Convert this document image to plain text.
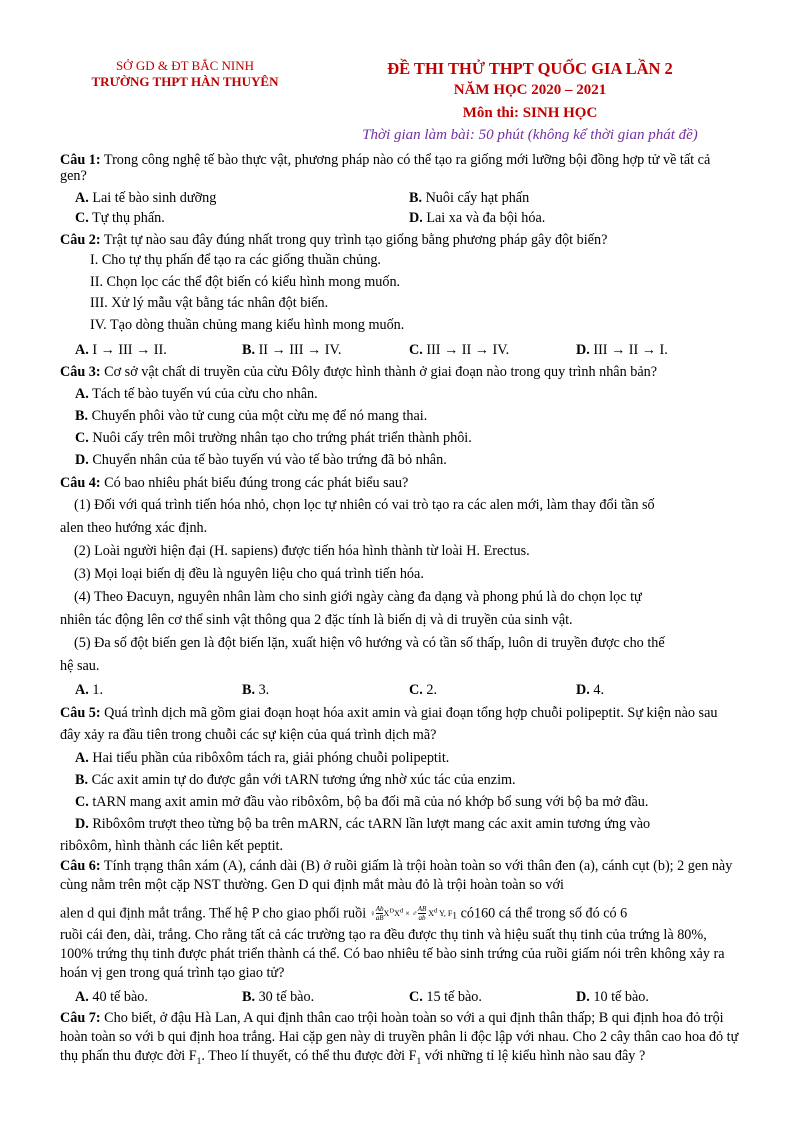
SỞ GD & ĐT BẮC NINH
TRƯỜNG THPT HÀN THUYÊN
ĐỀ THI THỬ THPT QUỐC GIA LẦN 2
NĂM HỌC 2020 – 2021
Môn thi: SINH HỌC
Thời gian làm bài: 50 phút (không kể thời gian phát đề)
Câu 1: Trong công nghệ tế bào thực vật, phương pháp nào có thể tạo ra giống mới lưỡng bội đồng hợp tử về tất cả gen?
A. Lai tế bào sinh dưỡng	B. Nuôi cấy hạt phấn
C. Tự thụ phấn.	D. Lai xa và đa bội hóa.
Câu 2: Trật tự nào sau đây đúng nhất trong quy trình tạo giống bằng phương pháp gây đột biến?
I. Cho tự thụ phấn để tạo ra các giống thuần chủng.
II. Chọn lọc các thể đột biến có kiểu hình mong muốn.
III. Xử lý mẫu vật bằng tác nhân đột biến.
IV. Tạo dòng thuần chủng mang kiểu hình mong muốn.
A. I → III → II.	B. II → III → IV.	C. III → II → IV.	D. III → II → I.
Câu 3: Cơ sở vật chất di truyền của cừu Đôly được hình thành ở giai đoạn nào trong quy trình nhân bản?
A. Tách tế bào tuyến vú của cừu cho nhân.
B. Chuyển phôi vào tử cung của một cừu mẹ để nó mang thai.
C. Nuôi cấy trên môi trường nhân tạo cho trứng phát triển thành phôi.
D. Chuyển nhân của tế bào tuyến vú vào tế bào trứng đã bỏ nhân.
Câu 4: Có bao nhiêu phát biểu đúng trong các phát biểu sau?
(1) Đối với quá trình tiến hóa nhỏ, chọn lọc tự nhiên có vai trò tạo ra các alen mới, làm thay đổi tần số
alen theo hướng xác định.
(2) Loài người hiện đại (H. sapiens) được tiến hóa hình thành từ loài H. Erectus.
(3) Mọi loại biến dị đều là nguyên liệu cho quá trình tiến hóa.
(4) Theo Đacuyn, nguyên nhân làm cho sinh giới ngày càng đa dạng và phong phú là do chọn lọc tự
nhiên tác động lên cơ thể sinh vật thông qua 2 đặc tính là biến dị và di truyền của sinh vật.
(5) Đa số đột biến gen là đột biến lặn, xuất hiện vô hướng và có tần số thấp, luôn di truyền được cho thế
hệ sau.
A. 1.	B. 3.	C. 2.	D. 4.
Câu 5: Quá trình dịch mã gồm giai đoạn hoạt hóa axit amin và giai đoạn tổng hợp chuỗi polipeptit. Sự kiện nào sau đây xảy ra đầu tiên trong chuỗi các sự kiện của quá trình dịch mã?
A. Hai tiểu phần của ribôxôm tách ra, giải phóng chuỗi polipeptit.
B. Các axit amin tự do được gắn với tARN tương ứng nhờ xúc tác của enzim.
C. tARN mang axit amin mở đầu vào ribôxôm, bộ ba đối mã của nó khớp bổ sung với bộ ba mở đầu.
D. Ribôxôm trượt theo từng bộ ba trên mARN, các tARN lần lượt mang các axit amin tương ứng vào
ribôxôm, hình thành các liên kết peptit.
Câu 6: Tính trạng thân xám (A), cánh dài (B) ở ruồi giấm là trội hoàn toàn so với thân đen (a), cánh cụt (b); 2 gen này cùng nằm trên một cặp NST thường. Gen D qui định mắt màu đỏ là trội hoàn toàn so với
alen d qui định mắt trắng. Thế hệ P cho giao phối ruồi ♀ $\frac{Ab}{aB} X^DX^d$ × ♂ $\frac{AB}{ab} X^d$ Y, $F_1$ có160 cá thể trong số đó có 6
ruồi cái đen, dài, trắng. Cho rằng tất cả các trường tạo ra đều được thụ tinh và hiệu suất thụ tinh của trứng là 80%, 100% trứng thụ tinh được phát triển thành cá thể. Có bao nhiêu tế bào sinh trứng của ruồi giấm nói trên không xảy ra hoán vị gen trong quá trình tạo giao tử?
A. 40 tế bào.	B. 30 tế bào.	C. 15 tế bào.	D. 10 tế bào.
Câu 7: Cho biết, ở đậu Hà Lan, A qui định thân cao trội hoàn toàn so với a qui định thân thấp; B qui định hoa đỏ trội hoàn toàn so với b qui định hoa trắng. Hai cặp gen này di truyền phân li độc lập với nhau. Cho 2 cây thân cao hoa đỏ tự thụ phấn thu được đời $F_1$. Theo lí thuyết, có thể thu được đời $F_1$ với những tỉ lệ kiểu hình nào sau đây ?
